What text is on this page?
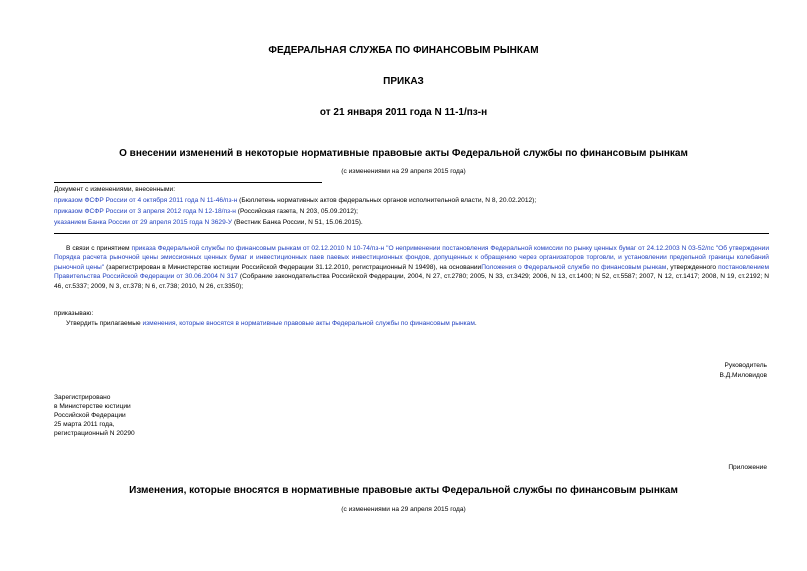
ФЕДЕРАЛЬНАЯ СЛУЖБА ПО ФИНАНСОВЫМ РЫНКАМ
ПРИКАЗ
от 21 января 2011 года N 11-1/пз-н
О внесении изменений в некоторые нормативные правовые акты Федеральной службы по финансовым рынкам
(с изменениями на 29 апреля 2015 года)
Документ с изменениями, внесенными:
приказом ФСФР России от 4 октября 2011 года N 11-46/пз-н (Бюллетень нормативных актов федеральных органов исполнительной власти, N 8, 20.02.2012);
приказом ФСФР России от 3 апреля 2012 года N 12-18/пз-н (Российская газета, N 203, 05.09.2012);
указанием Банка России от 29 апреля 2015 года N 3629-У (Вестник Банка России, N 51, 15.06.2015).
В связи с принятием приказа Федеральной службы по финансовым рынкам от 02.12.2010 N 10-74/пз-н "О неприменении постановления Федеральной комиссии по рынку ценных бумаг от 24.12.2003 N 03-52/пс "Об утверждении Порядка расчета рыночной цены эмиссионных ценных бумаг и инвестиционных паев паевых инвестиционных фондов, допущенных к обращению через организаторов торговли, и установлении предельной границы колебаний рыночной цены" (зарегистрирован в Министерстве юстиции Российской Федерации 31.12.2010, регистрационный N 19498), на основанииПоложения о Федеральной службе по финансовым рынкам, утвержденного постановлением Правительства Российской Федерации от 30.06.2004 N 317 (Собрание законодательства Российской Федерации, 2004, N 27, ст.2780; 2005, N 33, ст.3429; 2006, N 13, ст.1400; N 52, ст.5587; 2007, N 12, ст.1417; 2008, N 19, ст.2192; N 46, ст.5337; 2009, N 3, ст.378; N 6, ст.738; 2010, N 26, ст.3350);
приказываю:
Утвердить прилагаемые изменения, которые вносятся в нормативные правовые акты Федеральной службы по финансовым рынкам.
Руководитель
В.Д.Миловидов
Зарегистрировано
в Министерстве юстиции
Российской Федерации
25 марта 2011 года,
регистрационный N 20290
Приложение
Изменения, которые вносятся в нормативные правовые акты Федеральной службы по финансовым рынкам
(с изменениями на 29 апреля 2015 года)
